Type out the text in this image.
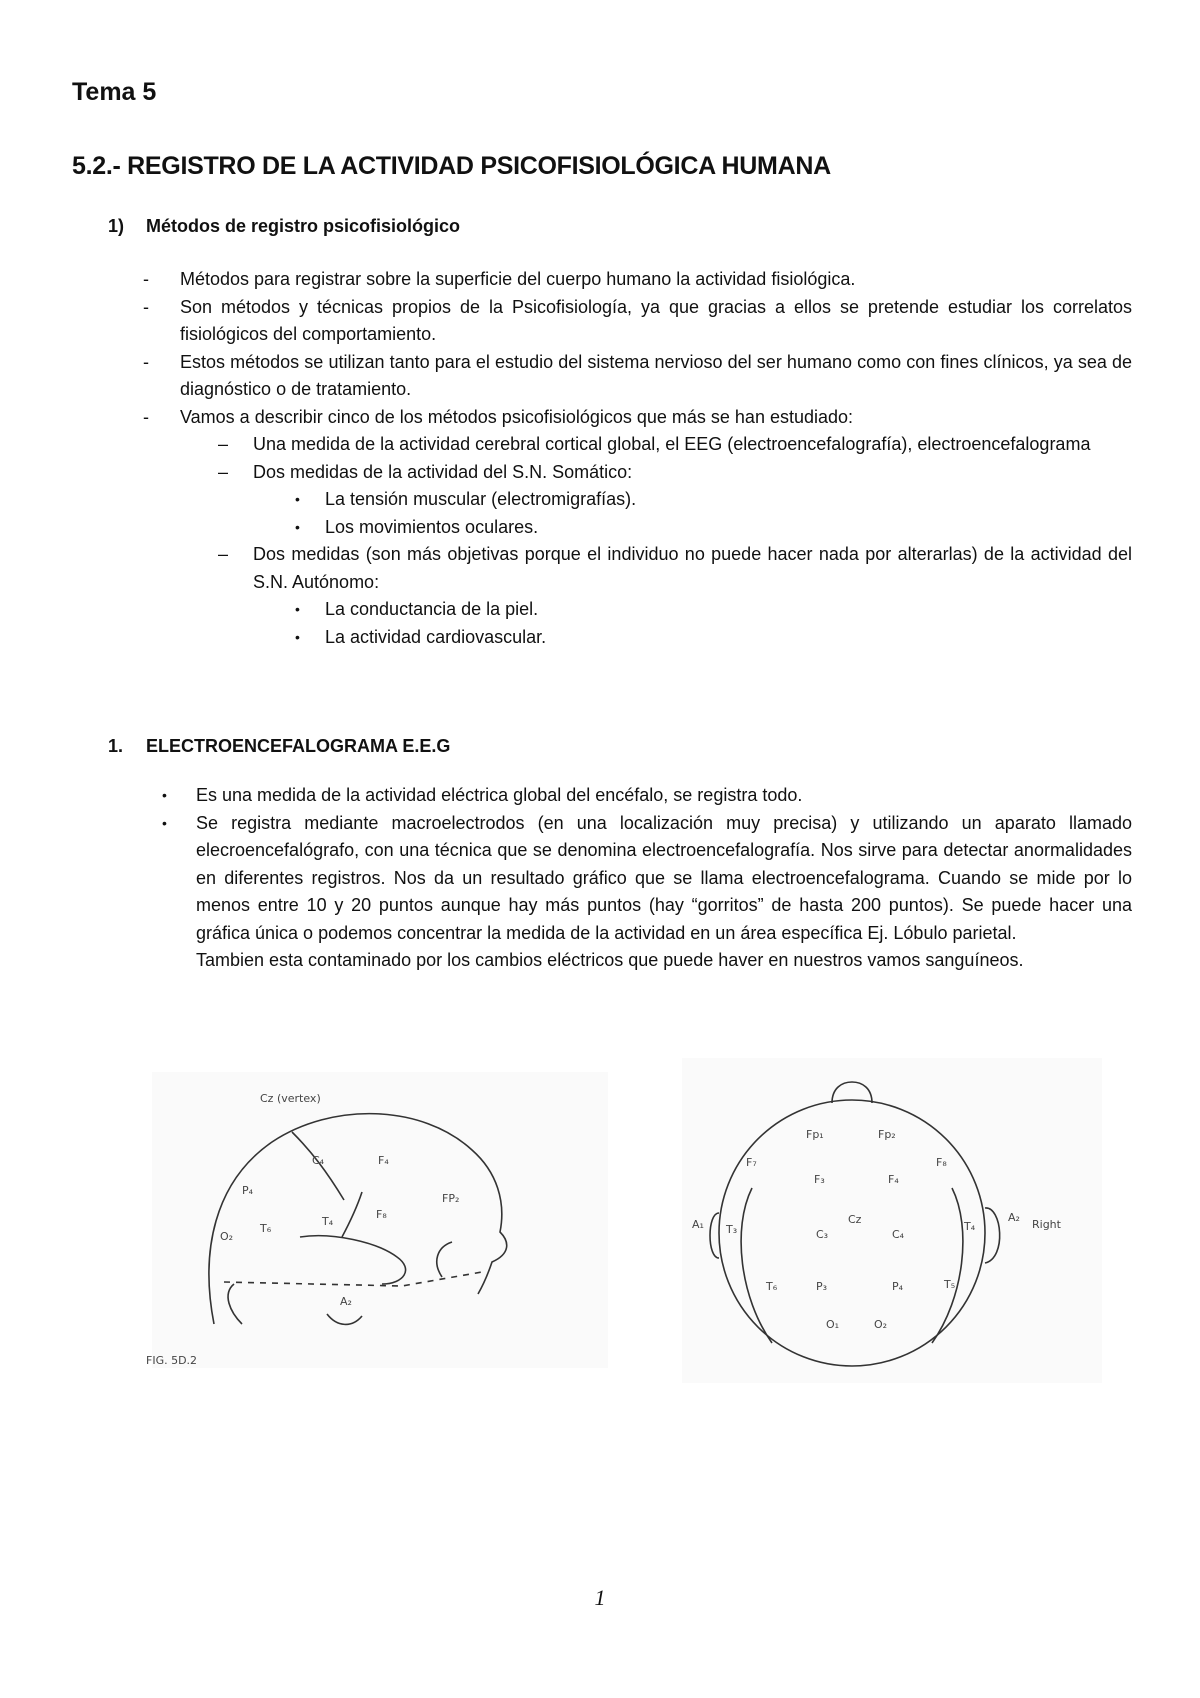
Tema 5
5.2.- REGISTRO DE LA ACTIVIDAD PSICOFISIOLÓGICA HUMANA
1) Métodos de registro psicofisiológico
- Métodos para registrar sobre la superficie del cuerpo humano la actividad fisiológica.
- Son métodos y técnicas propios de la Psicofisiología, ya que gracias a ellos se pretende estudiar los correlatos fisiológicos del comportamiento.
- Estos métodos se utilizan tanto para el estudio del sistema nervioso del ser humano como con fines clínicos, ya sea de diagnóstico o de tratamiento.
- Vamos a describir cinco de los métodos psicofisiológicos que más se han estudiado:
– Una medida de la actividad cerebral cortical global, el EEG (electroencefalografía), electroencefalograma
– Dos medidas de la actividad del S.N. Somático:
• La tensión muscular (electromigrafías).
• Los movimientos oculares.
– Dos medidas (son más objetivas porque el individuo no puede hacer nada por alterarlas) de la actividad del S.N. Autónomo:
• La conductancia de la piel.
• La actividad cardiovascular.
1. ELECTROENCEFALOGRAMA E.E.G
• Es una medida de la actividad eléctrica global del encéfalo, se registra todo.
• Se registra mediante macroelectrodos (en una localización muy precisa) y utilizando un aparato llamado elecroencefalógrafo, con una técnica que se denomina electroencefalografía. Nos sirve para detectar anormalidades en diferentes registros. Nos da un resultado gráfico que se llama electroencefalograma. Cuando se mide por lo menos entre 10 y 20 puntos aunque hay más puntos (hay “gorritos” de hasta 200 puntos). Se puede hacer una gráfica única o podemos concentrar la medida de la actividad en un área específica Ej. Lóbulo parietal.
Tambien esta contaminado por los cambios eléctricos que puede haver en nuestros vamos sanguíneos.
Cz (vertex)
C₄	F₄
P₄
FP₂
F₈
T₆
T₄
O₂
A₂
FIG. 5D.2
Fp₁	Fp₂
F₇	F₈
F₃	F₄
A₁ T₃
Cz
C₃	C₄
T₄
A₂
Right
T₅
P₃	P₄
T₆
O₁	O₂
1
